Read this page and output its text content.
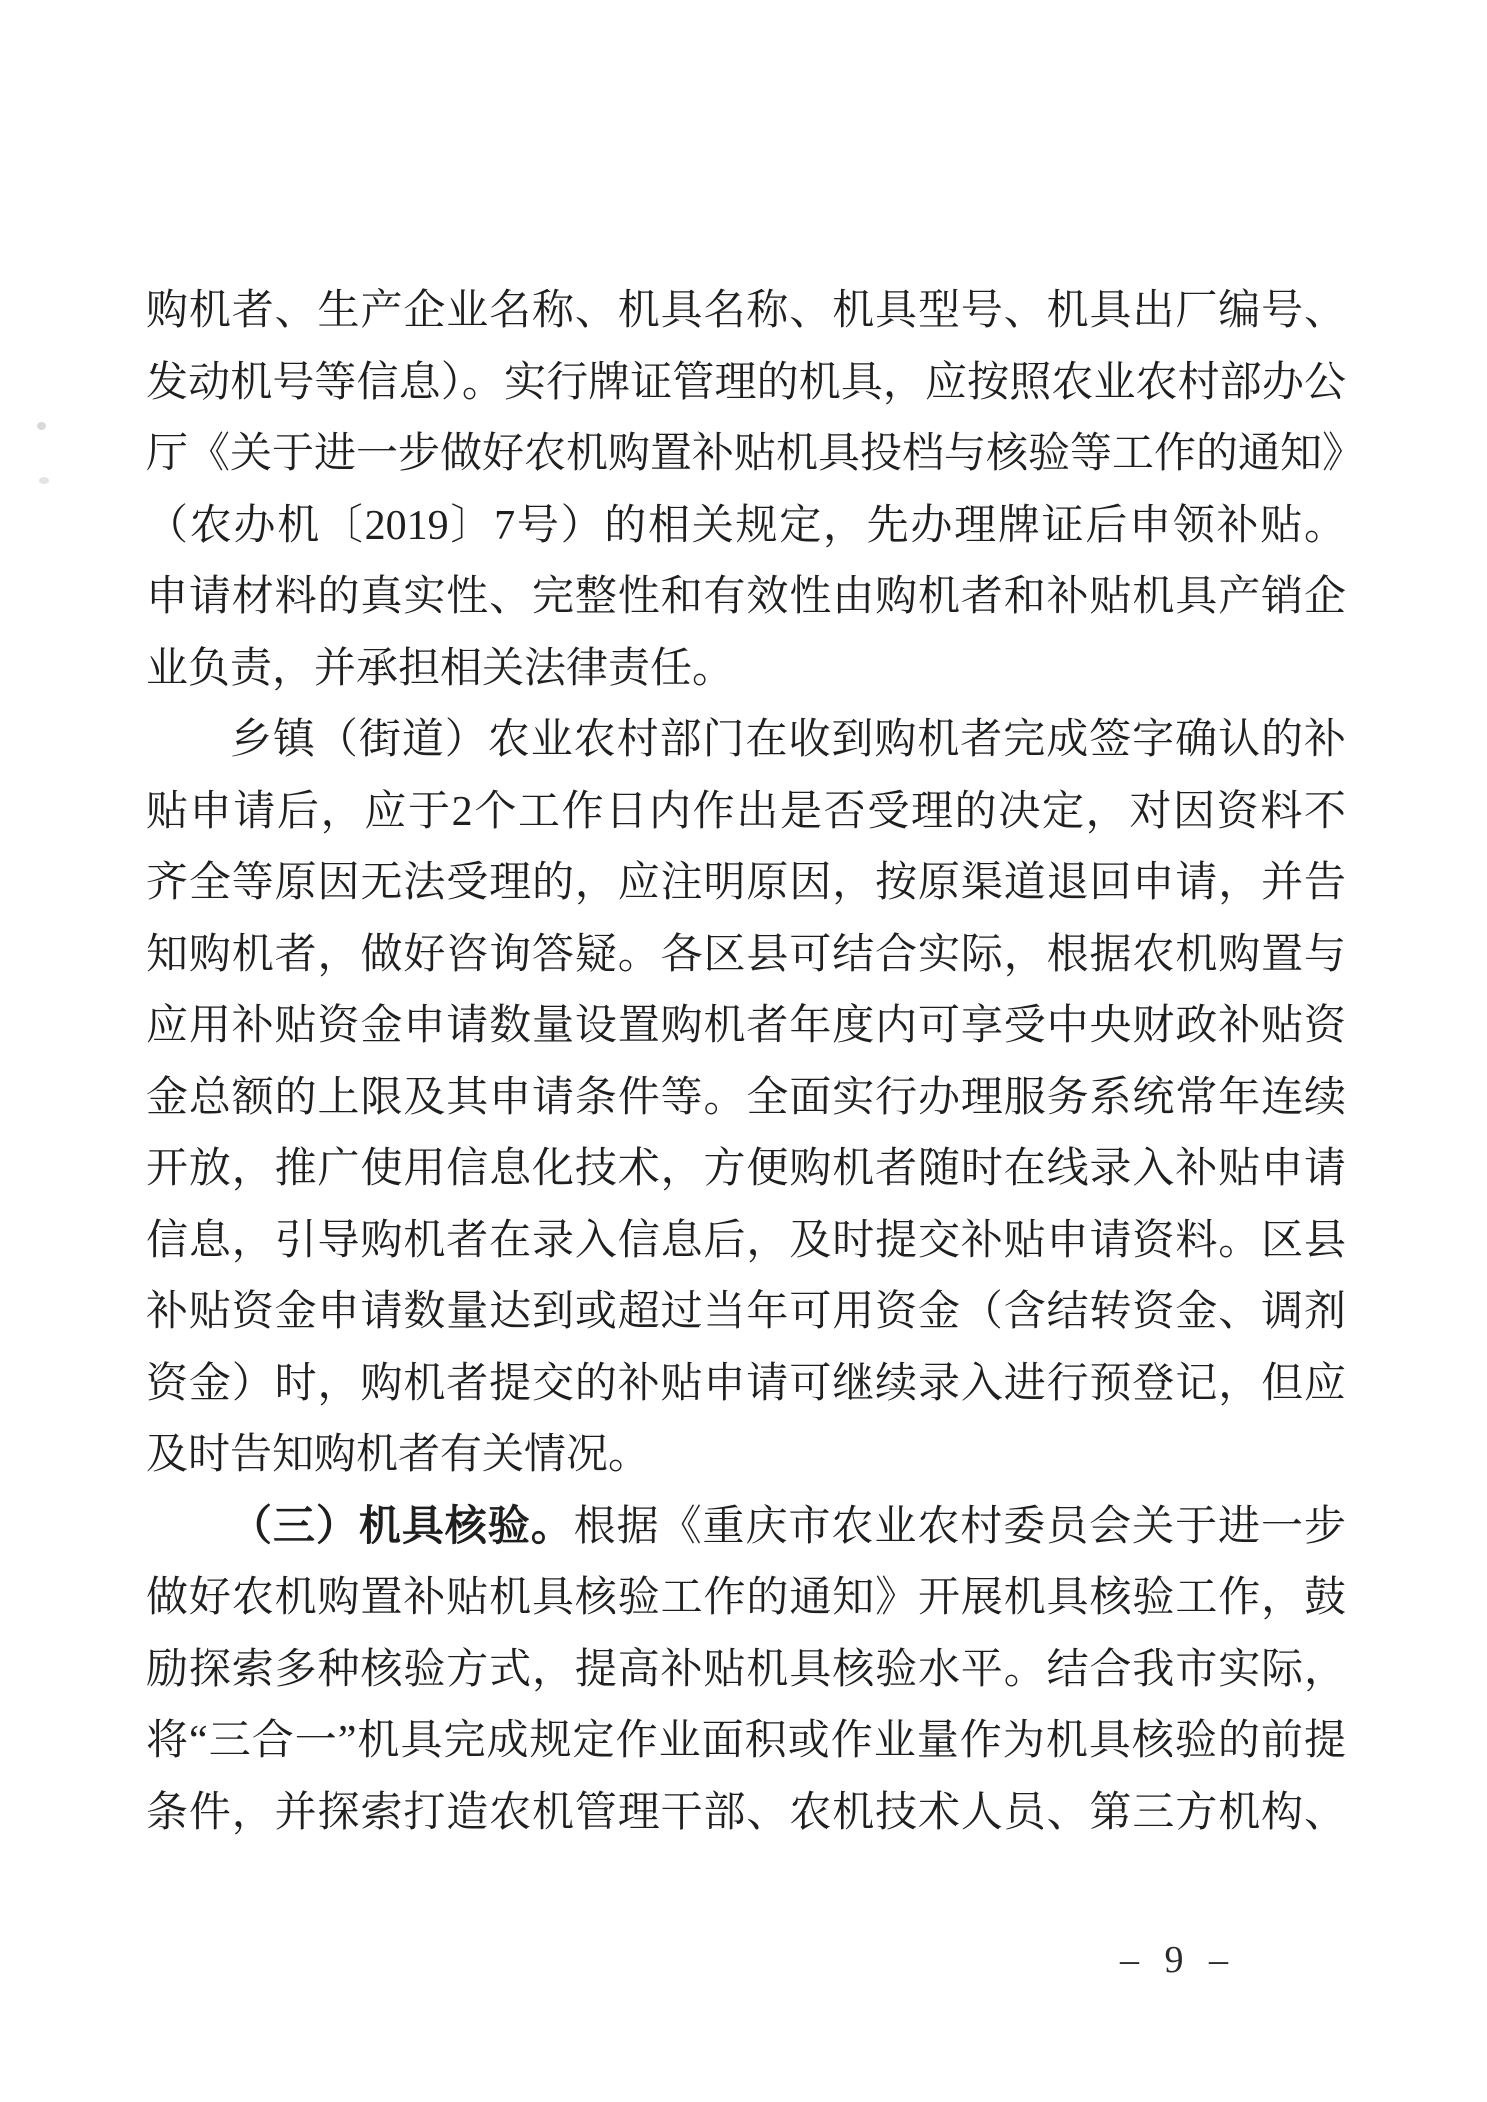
购机者、生产企业名称、机具名称、机具型号、机具出厂编号、
发动机号等信息）。实行牌证管理的机具，应按照农业农村部办公
厅《关于进一步做好农机购置补贴机具投档与核验等工作的通知》
（农办机〔2019〕7号）的相关规定，先办理牌证后申领补贴。
申请材料的真实性、完整性和有效性由购机者和补贴机具产销企
业负责，并承担相关法律责任。
乡镇（街道）农业农村部门在收到购机者完成签字确认的补
贴申请后，应于2个工作日内作出是否受理的决定，对因资料不
齐全等原因无法受理的，应注明原因，按原渠道退回申请，并告
知购机者，做好咨询答疑。各区县可结合实际，根据农机购置与
应用补贴资金申请数量设置购机者年度内可享受中央财政补贴资
金总额的上限及其申请条件等。全面实行办理服务系统常年连续
开放，推广使用信息化技术，方便购机者随时在线录入补贴申请
信息，引导购机者在录入信息后，及时提交补贴申请资料。区县
补贴资金申请数量达到或超过当年可用资金（含结转资金、调剂
资金）时，购机者提交的补贴申请可继续录入进行预登记，但应
及时告知购机者有关情况。
（三）机具核验。根据《重庆市农业农村委员会关于进一步
做好农机购置补贴机具核验工作的通知》开展机具核验工作，鼓
励探索多种核验方式，提高补贴机具核验水平。结合我市实际，
将“三合一”机具完成规定作业面积或作业量作为机具核验的前提
条件，并探索打造农机管理干部、农机技术人员、第三方机构、
– 9 –
